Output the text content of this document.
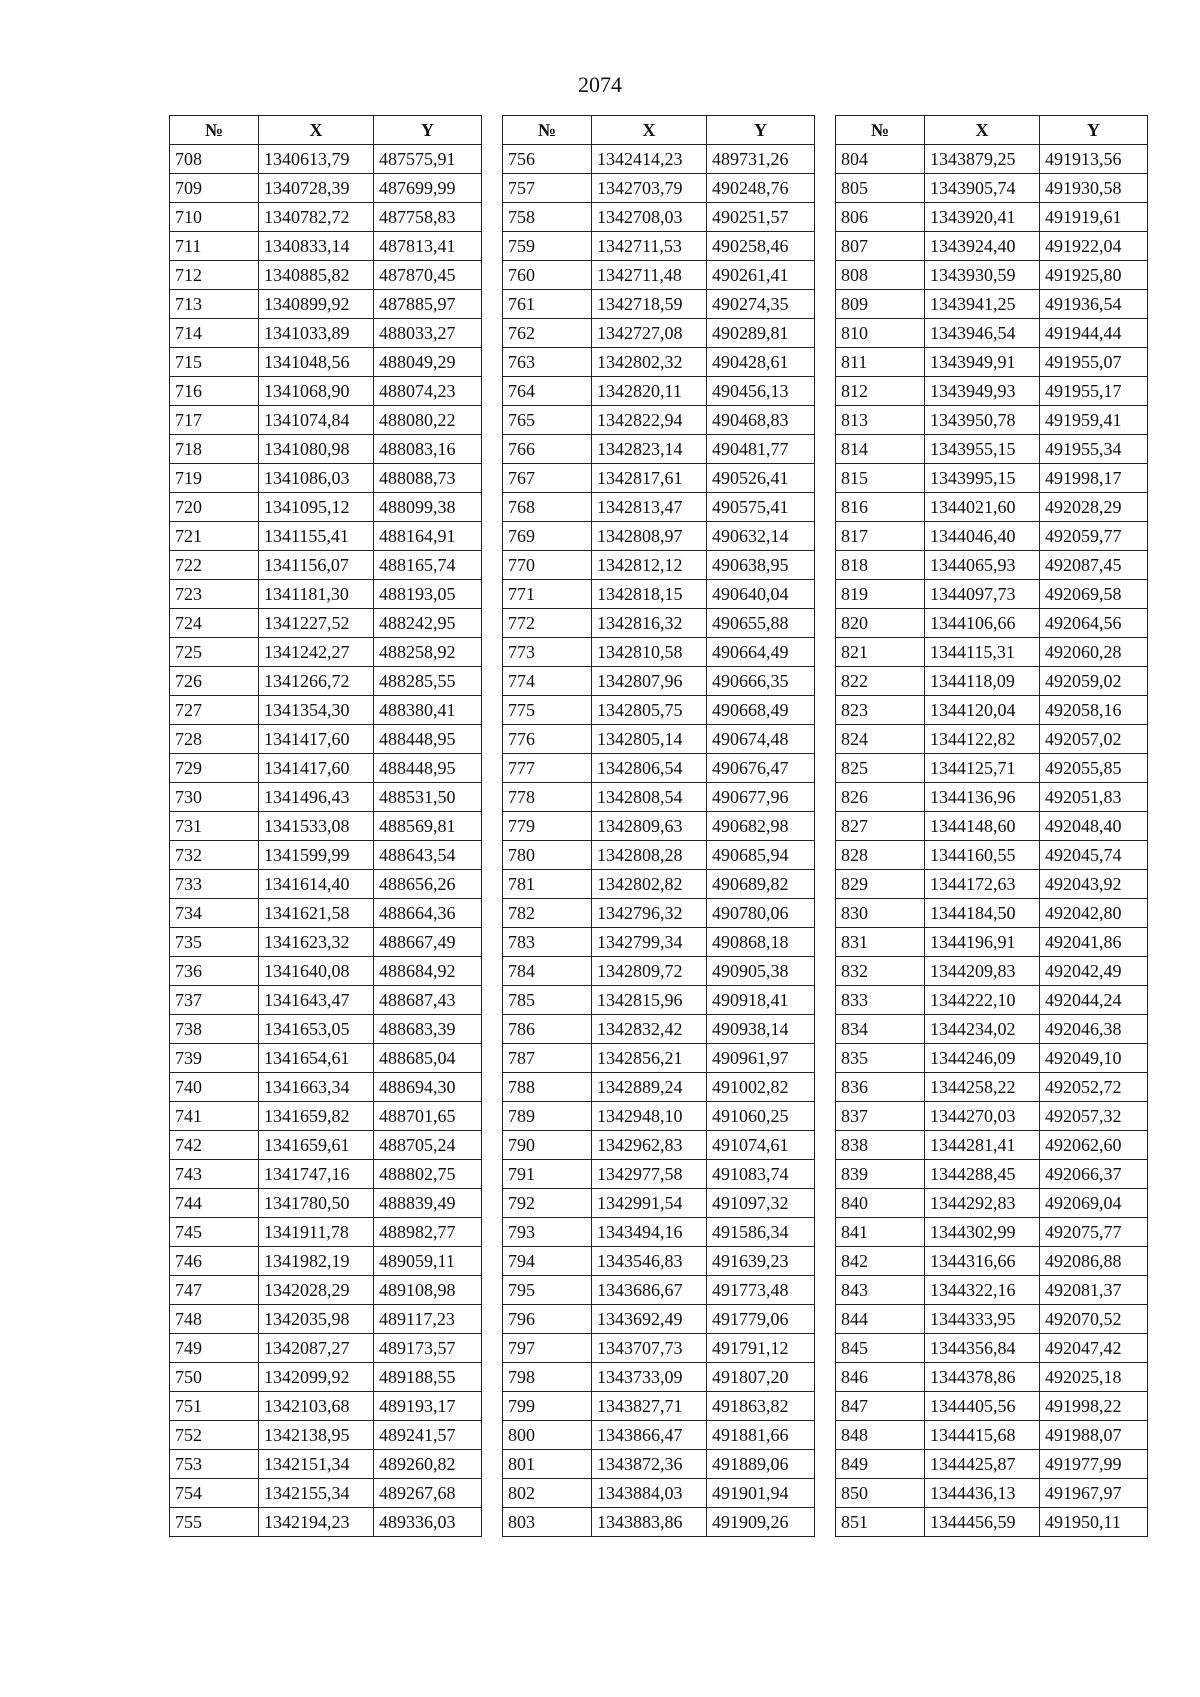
2074
№	X	Y
708	1340613,79	487575,91
709	1340728,39	487699,99
710	1340782,72	487758,83
711	1340833,14	487813,41
712	1340885,82	487870,45
713	1340899,92	487885,97
714	1341033,89	488033,27
715	1341048,56	488049,29
716	1341068,90	488074,23
717	1341074,84	488080,22
718	1341080,98	488083,16
719	1341086,03	488088,73
720	1341095,12	488099,38
721	1341155,41	488164,91
722	1341156,07	488165,74
723	1341181,30	488193,05
724	1341227,52	488242,95
725	1341242,27	488258,92
726	1341266,72	488285,55
727	1341354,30	488380,41
728	1341417,60	488448,95
729	1341417,60	488448,95
730	1341496,43	488531,50
731	1341533,08	488569,81
732	1341599,99	488643,54
733	1341614,40	488656,26
734	1341621,58	488664,36
735	1341623,32	488667,49
736	1341640,08	488684,92
737	1341643,47	488687,43
738	1341653,05	488683,39
739	1341654,61	488685,04
740	1341663,34	488694,30
741	1341659,82	488701,65
742	1341659,61	488705,24
743	1341747,16	488802,75
744	1341780,50	488839,49
745	1341911,78	488982,77
746	1341982,19	489059,11
747	1342028,29	489108,98
748	1342035,98	489117,23
749	1342087,27	489173,57
750	1342099,92	489188,55
751	1342103,68	489193,17
752	1342138,95	489241,57
753	1342151,34	489260,82
754	1342155,34	489267,68
755	1342194,23	489336,03
№	X	Y
756	1342414,23	489731,26
757	1342703,79	490248,76
758	1342708,03	490251,57
759	1342711,53	490258,46
760	1342711,48	490261,41
761	1342718,59	490274,35
762	1342727,08	490289,81
763	1342802,32	490428,61
764	1342820,11	490456,13
765	1342822,94	490468,83
766	1342823,14	490481,77
767	1342817,61	490526,41
768	1342813,47	490575,41
769	1342808,97	490632,14
770	1342812,12	490638,95
771	1342818,15	490640,04
772	1342816,32	490655,88
773	1342810,58	490664,49
774	1342807,96	490666,35
775	1342805,75	490668,49
776	1342805,14	490674,48
777	1342806,54	490676,47
778	1342808,54	490677,96
779	1342809,63	490682,98
780	1342808,28	490685,94
781	1342802,82	490689,82
782	1342796,32	490780,06
783	1342799,34	490868,18
784	1342809,72	490905,38
785	1342815,96	490918,41
786	1342832,42	490938,14
787	1342856,21	490961,97
788	1342889,24	491002,82
789	1342948,10	491060,25
790	1342962,83	491074,61
791	1342977,58	491083,74
792	1342991,54	491097,32
793	1343494,16	491586,34
794	1343546,83	491639,23
795	1343686,67	491773,48
796	1343692,49	491779,06
797	1343707,73	491791,12
798	1343733,09	491807,20
799	1343827,71	491863,82
800	1343866,47	491881,66
801	1343872,36	491889,06
802	1343884,03	491901,94
803	1343883,86	491909,26
№	X	Y
804	1343879,25	491913,56
805	1343905,74	491930,58
806	1343920,41	491919,61
807	1343924,40	491922,04
808	1343930,59	491925,80
809	1343941,25	491936,54
810	1343946,54	491944,44
811	1343949,91	491955,07
812	1343949,93	491955,17
813	1343950,78	491959,41
814	1343955,15	491955,34
815	1343995,15	491998,17
816	1344021,60	492028,29
817	1344046,40	492059,77
818	1344065,93	492087,45
819	1344097,73	492069,58
820	1344106,66	492064,56
821	1344115,31	492060,28
822	1344118,09	492059,02
823	1344120,04	492058,16
824	1344122,82	492057,02
825	1344125,71	492055,85
826	1344136,96	492051,83
827	1344148,60	492048,40
828	1344160,55	492045,74
829	1344172,63	492043,92
830	1344184,50	492042,80
831	1344196,91	492041,86
832	1344209,83	492042,49
833	1344222,10	492044,24
834	1344234,02	492046,38
835	1344246,09	492049,10
836	1344258,22	492052,72
837	1344270,03	492057,32
838	1344281,41	492062,60
839	1344288,45	492066,37
840	1344292,83	492069,04
841	1344302,99	492075,77
842	1344316,66	492086,88
843	1344322,16	492081,37
844	1344333,95	492070,52
845	1344356,84	492047,42
846	1344378,86	492025,18
847	1344405,56	491998,22
848	1344415,68	491988,07
849	1344425,87	491977,99
850	1344436,13	491967,97
851	1344456,59	491950,11
